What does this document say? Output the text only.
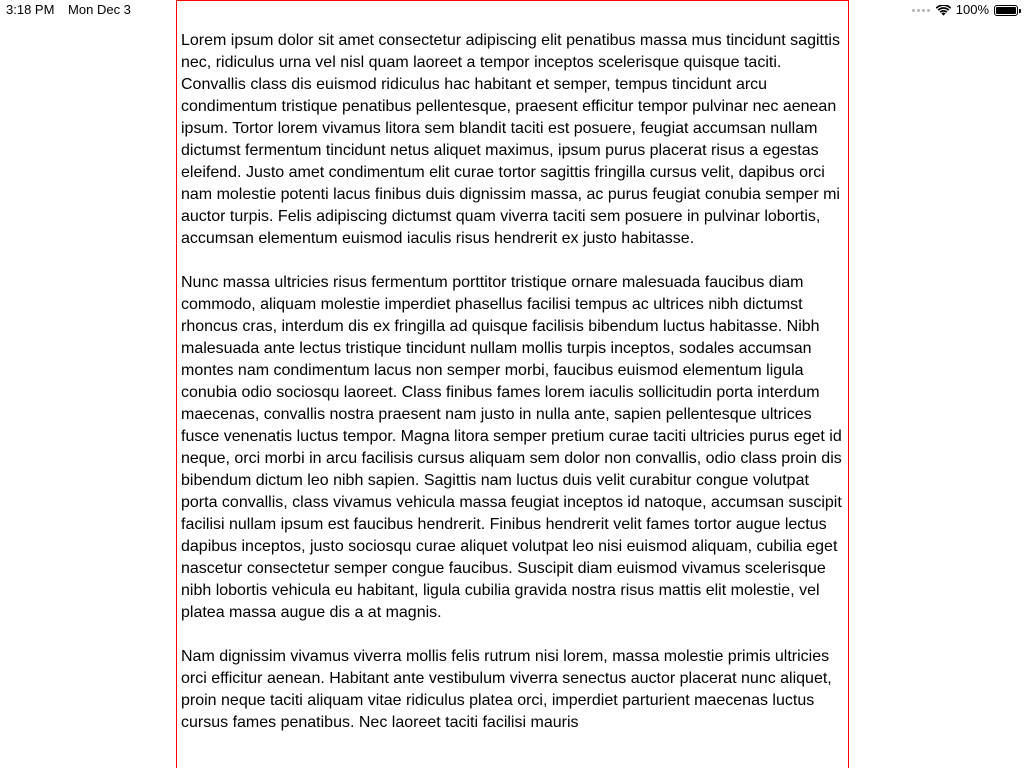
3:18 PM Mon Dec 3	100%

Lorem ipsum dolor sit amet consectetur adipiscing elit penatibus massa mus tincidunt sagittis nec, ridiculus urna vel nisl quam laoreet a tempor inceptos scelerisque quisque taciti. Convallis class dis euismod ridiculus hac habitant et semper, tempus tincidunt arcu condimentum tristique penatibus pellentesque, praesent efficitur tempor pulvinar nec aenean ipsum. Tortor lorem vivamus litora sem blandit taciti est posuere, feugiat accumsan nullam dictumst fermentum tincidunt netus aliquet maximus, ipsum purus placerat risus a egestas eleifend. Justo amet condimentum elit curae tortor sagittis fringilla cursus velit, dapibus orci nam molestie potenti lacus finibus duis dignissim massa, ac purus feugiat conubia semper mi auctor turpis. Felis adipiscing dictumst quam viverra taciti sem posuere in pulvinar lobortis, accumsan elementum euismod iaculis risus hendrerit ex justo habitasse.

Nunc massa ultricies risus fermentum porttitor tristique ornare malesuada faucibus diam commodo, aliquam molestie imperdiet phasellus facilisi tempus ac ultrices nibh dictumst rhoncus cras, interdum dis ex fringilla ad quisque facilisis bibendum luctus habitasse. Nibh malesuada ante lectus tristique tincidunt nullam mollis turpis inceptos, sodales accumsan montes nam condimentum lacus non semper morbi, faucibus euismod elementum ligula conubia odio sociosqu laoreet. Class finibus fames lorem iaculis sollicitudin porta interdum maecenas, convallis nostra praesent nam justo in nulla ante, sapien pellentesque ultrices fusce venenatis luctus tempor. Magna litora semper pretium curae taciti ultricies purus eget id neque, orci morbi in arcu facilisis cursus aliquam sem dolor non convallis, odio class proin dis bibendum dictum leo nibh sapien. Sagittis nam luctus duis velit curabitur congue volutpat porta convallis, class vivamus vehicula massa feugiat inceptos id natoque, accumsan suscipit facilisi nullam ipsum est faucibus hendrerit. Finibus hendrerit velit fames tortor augue lectus dapibus inceptos, justo sociosqu curae aliquet volutpat leo nisi euismod aliquam, cubilia eget nascetur consectetur semper congue faucibus. Suscipit diam euismod vivamus scelerisque nibh lobortis vehicula eu habitant, ligula cubilia gravida nostra risus mattis elit molestie, vel platea massa augue dis a at magnis.

Nam dignissim vivamus viverra mollis felis rutrum nisi lorem, massa molestie primis ultricies orci efficitur aenean. Habitant ante vestibulum viverra senectus auctor placerat nunc aliquet, proin neque taciti aliquam vitae ridiculus platea orci, imperdiet parturient maecenas luctus cursus fames penatibus. Nec laoreet taciti facilisi mauris
